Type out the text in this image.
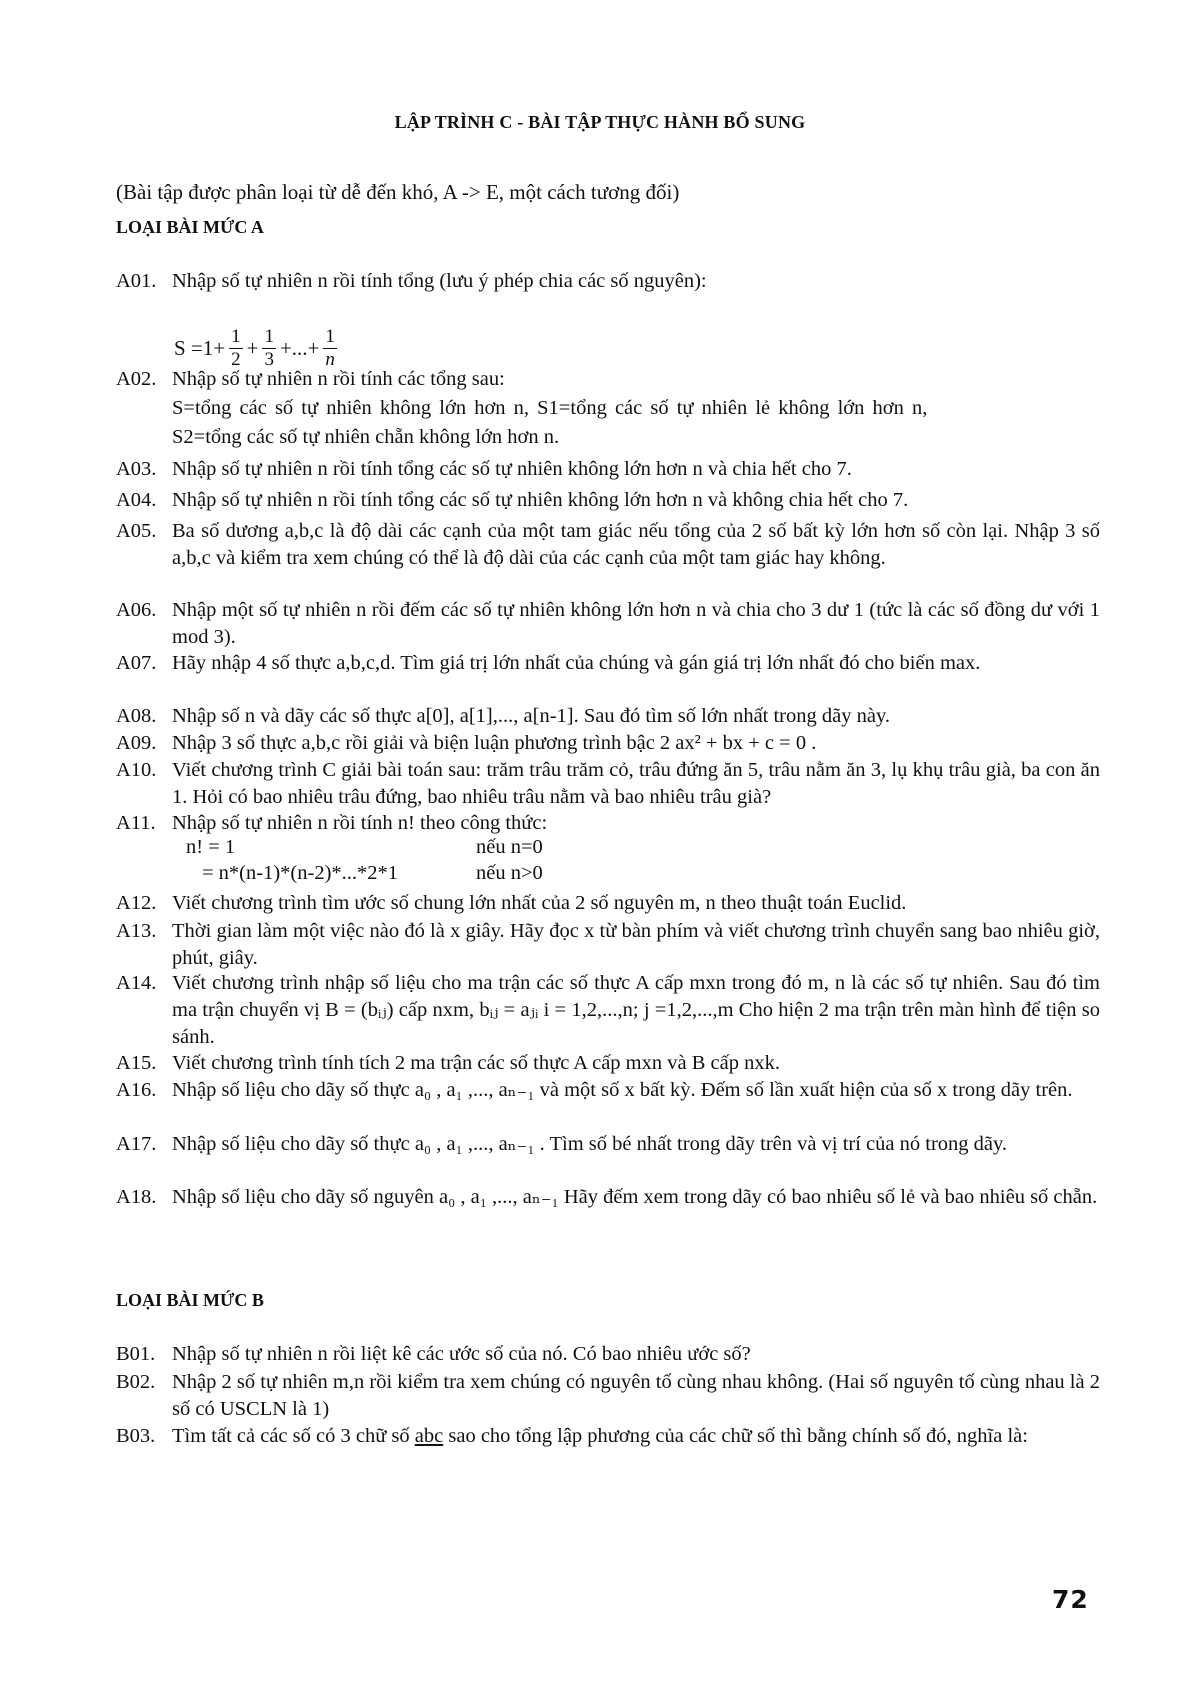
LẬP TRÌNH C - BÀI TẬP THỰC HÀNH BỔ SUNG
(Bài tập được phân loại từ dễ đến khó, A -> E, một cách tương đối)
LOẠI BÀI MỨC A
A01. Nhập số tự nhiên n rồi tính tổng (lưu ý phép chia các số nguyên):
$S =1+ \frac{1}{2} + \frac{1}{3}$ +...+ $\frac{1}{n}$
A02. Nhập số tự nhiên n rồi tính các tổng sau:
S=tổng các số tự nhiên không lớn hơn n, S1=tổng các số tự nhiên lẻ không lớn hơn n,
S2=tổng các số tự nhiên chẵn không lớn hơn n.
A03. Nhập số tự nhiên n rồi tính tổng các số tự nhiên không lớn hơn n và chia hết cho 7.
A04. Nhập số tự nhiên n rồi tính tổng các số tự nhiên không lớn hơn n và không chia hết cho 7.
A05. Ba số dương a,b,c là độ dài các cạnh của một tam giác nếu tổng của 2 số bất kỳ lớn hơn số còn lại. Nhập 3 số a,b,c và kiểm tra xem chúng có thể là độ dài của các cạnh của một tam giác hay không.
A06. Nhập một số tự nhiên n rồi đếm các số tự nhiên không lớn hơn n và chia cho 3 dư 1 (tức là các số đồng dư với 1 mod 3).
A07. Hãy nhập 4 số thực a,b,c,d. Tìm giá trị lớn nhất của chúng và gán giá trị lớn nhất đó cho biến max.
A08. Nhập số n và dãy các số thực a[0], a[1],..., a[n-1]. Sau đó tìm số lớn nhất trong dãy này.
A09. Nhập 3 số thực a,b,c rồi giải và biện luận phương trình bậc 2 ax² + bx + c = 0 .
A10. Viết chương trình C giải bài toán sau: trăm trâu trăm cỏ, trâu đứng ăn 5, trâu nằm ăn 3, lụ khụ trâu già, ba con ăn 1. Hỏi có bao nhiêu trâu đứng, bao nhiêu trâu nằm và bao nhiêu trâu già?
A11. Nhập số tự nhiên n rồi tính n! theo công thức:
n! = 1	nếu n=0
= n*(n-1)*(n-2)*...*2*1	nếu n>0
A12. Viết chương trình tìm ước số chung lớn nhất của 2 số nguyên m, n theo thuật toán Euclid.
A13. Thời gian làm một việc nào đó là x giây. Hãy đọc x từ bàn phím và viết chương trình chuyển sang bao nhiêu giờ, phút, giây.
A14. Viết chương trình nhập số liệu cho ma trận các số thực A cấp mxn trong đó m, n là các số tự nhiên. Sau đó tìm ma trận chuyển vị B = (bᵢⱼ) cấp nxm, bᵢⱼ = aⱼᵢ i = 1,2,...,n; j =1,2,...,m Cho hiện 2 ma trận trên màn hình để tiện so sánh.
A15. Viết chương trình tính tích 2 ma trận các số thực A cấp mxn và B cấp nxk.
A16. Nhập số liệu cho dãy số thực a₀ , a₁ ,..., aₙ₋₁ và một số x bất kỳ. Đếm số lần xuất hiện của số x trong dãy trên.
A17. Nhập số liệu cho dãy số thực a₀ , a₁ ,..., aₙ₋₁ . Tìm số bé nhất trong dãy trên và vị trí của nó trong dãy.
A18. Nhập số liệu cho dãy số nguyên a₀ , a₁ ,..., aₙ₋₁ Hãy đếm xem trong dãy có bao nhiêu số lẻ và bao nhiêu số chẵn.
LOẠI BÀI MỨC B
B01. Nhập số tự nhiên n rồi liệt kê các ước số của nó. Có bao nhiêu ước số?
B02. Nhập 2 số tự nhiên m,n rồi kiểm tra xem chúng có nguyên tố cùng nhau không. (Hai số nguyên tố cùng nhau là 2 số có USCLN là 1)
B03. Tìm tất cả các số có 3 chữ số abc sao cho tổng lập phương của các chữ số thì bằng chính số đó, nghĩa là:
72
